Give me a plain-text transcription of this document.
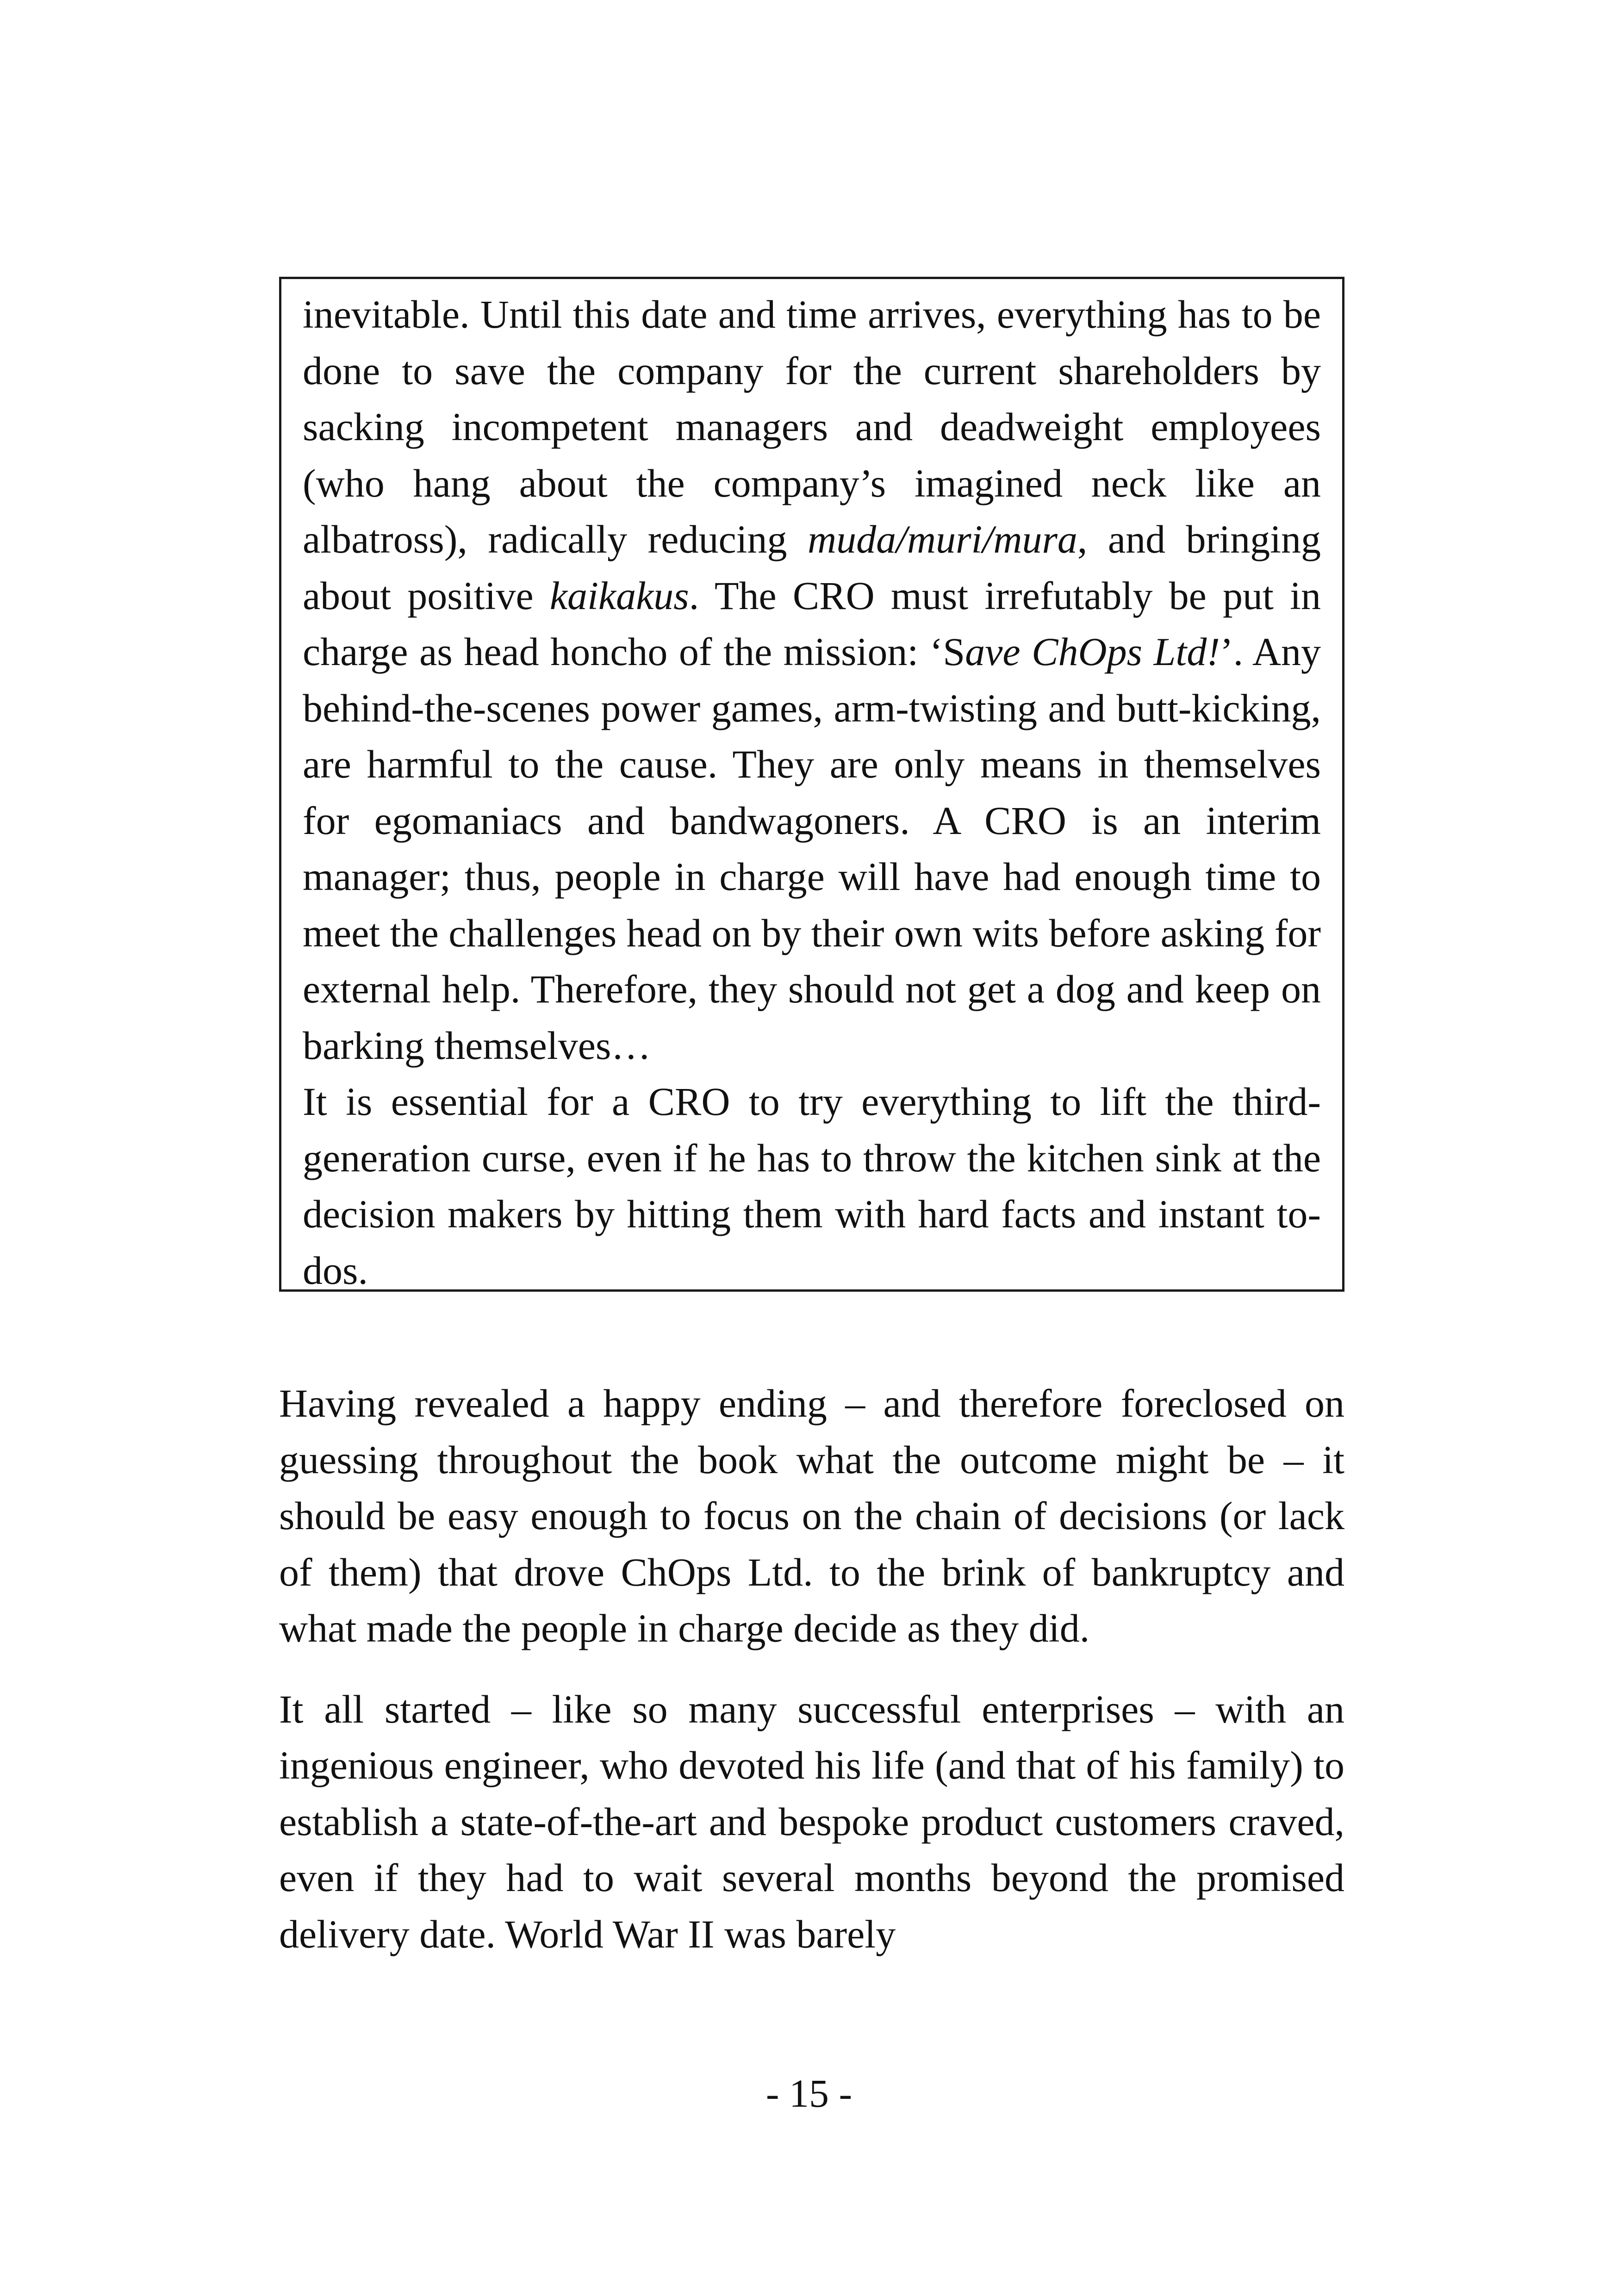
inevitable. Until this date and time arrives, everything has to be done to save the company for the current shareholders by sacking incompetent managers and deadweight employees (who hang about the company’s imagined neck like an albatross), radically reducing muda/muri/mura, and bringing about positive kaikakus. The CRO must irrefutably be put in charge as head honcho of the mission: ‘Save ChOps Ltd!’. Any behind-the-scenes power games, arm-twisting and butt-kicking, are harmful to the cause. They are only means in themselves for egomaniacs and bandwagoners. A CRO is an interim manager; thus, people in charge will have had enough time to meet the challenges head on by their own wits before asking for external help. Therefore, they should not get a dog and keep on barking themselves…

It is essential for a CRO to try everything to lift the third-generation curse, even if he has to throw the kitchen sink at the decision makers by hitting them with hard facts and instant to-dos.

Having revealed a happy ending – and therefore foreclosed on guessing throughout the book what the outcome might be – it should be easy enough to focus on the chain of decisions (or lack of them) that drove ChOps Ltd. to the brink of bankruptcy and what made the people in charge decide as they did.

It all started – like so many successful enterprises – with an ingenious engineer, who devoted his life (and that of his family) to establish a state-of-the-art and bespoke product customers craved, even if they had to wait several months beyond the promised delivery date. World War II was barely

- 15 -
